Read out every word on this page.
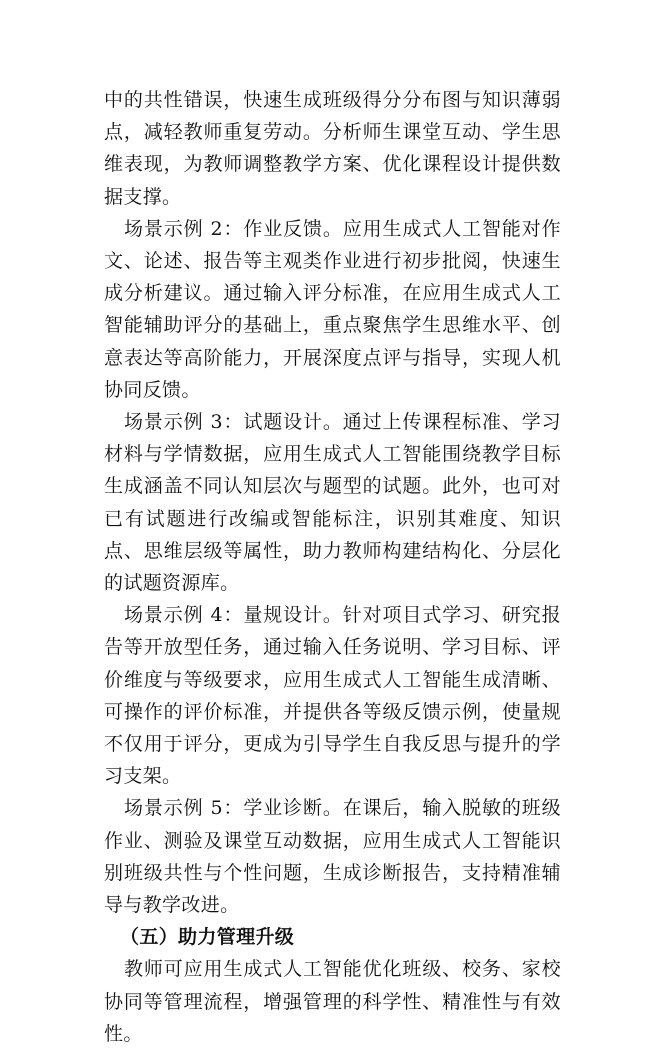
中的共性错误，快速生成班级得分分布图与知识薄弱点，减轻教师重复劳动。分析师生课堂互动、学生思维表现，为教师调整教学方案、优化课程设计提供数据支撑。

场景示例 2：作业反馈。应用生成式人工智能对作文、论述、报告等主观类作业进行初步批阅，快速生成分析建议。通过输入评分标准，在应用生成式人工智能辅助评分的基础上，重点聚焦学生思维水平、创意表达等高阶能力，开展深度点评与指导，实现人机协同反馈。

场景示例 3：试题设计。通过上传课程标准、学习材料与学情数据，应用生成式人工智能围绕教学目标生成涵盖不同认知层次与题型的试题。此外，也可对已有试题进行改编或智能标注，识别其难度、知识点、思维层级等属性，助力教师构建结构化、分层化的试题资源库。

场景示例 4：量规设计。针对项目式学习、研究报告等开放型任务，通过输入任务说明、学习目标、评价维度与等级要求，应用生成式人工智能生成清晰、可操作的评价标准，并提供各等级反馈示例，使量规不仅用于评分，更成为引导学生自我反思与提升的学习支架。

场景示例 5：学业诊断。在课后，输入脱敏的班级作业、测验及课堂互动数据，应用生成式人工智能识别班级共性与个性问题，生成诊断报告，支持精准辅导与教学改进。

（五）助力管理升级

教师可应用生成式人工智能优化班级、校务、家校协同等管理流程，增强管理的科学性、精准性与有效性。
